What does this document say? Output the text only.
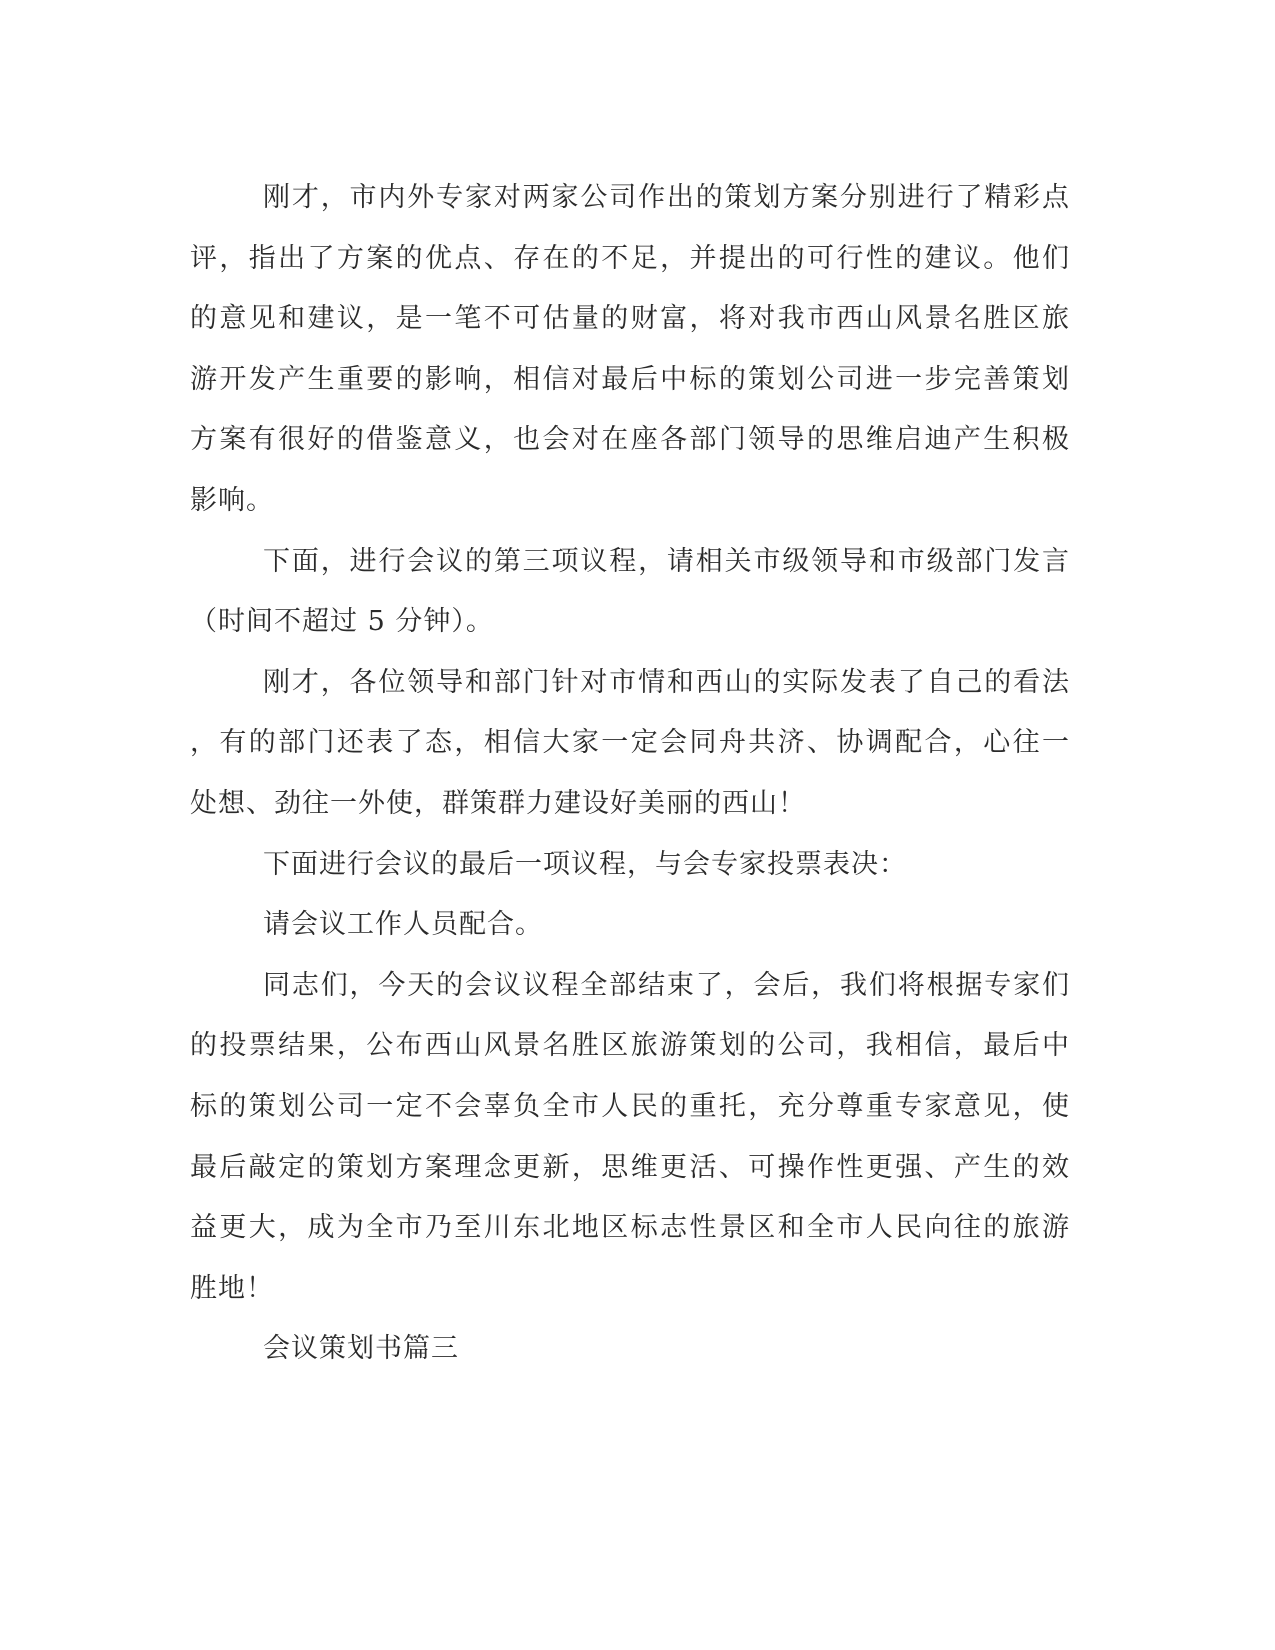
刚才，市内外专家对两家公司作出的策划方案分别进行了精彩点
评，指出了方案的优点、存在的不足，并提出的可行性的建议。他们
的意见和建议，是一笔不可估量的财富，将对我市西山风景名胜区旅
游开发产生重要的影响，相信对最后中标的策划公司进一步完善策划
方案有很好的借鉴意义，也会对在座各部门领导的思维启迪产生积极
影响。
下面，进行会议的第三项议程，请相关市级领导和市级部门发言
（时间不超过 5 分钟）。
刚才，各位领导和部门针对市情和西山的实际发表了自己的看法
，有的部门还表了态，相信大家一定会同舟共济、协调配合，心往一
处想、劲往一外使，群策群力建设好美丽的西山！
下面进行会议的最后一项议程，与会专家投票表决：
请会议工作人员配合。
同志们，今天的会议议程全部结束了，会后，我们将根据专家们
的投票结果，公布西山风景名胜区旅游策划的公司，我相信，最后中
标的策划公司一定不会辜负全市人民的重托，充分尊重专家意见，使
最后敲定的策划方案理念更新，思维更活、可操作性更强、产生的效
益更大，成为全市乃至川东北地区标志性景区和全市人民向往的旅游
胜地！
会议策划书篇三
